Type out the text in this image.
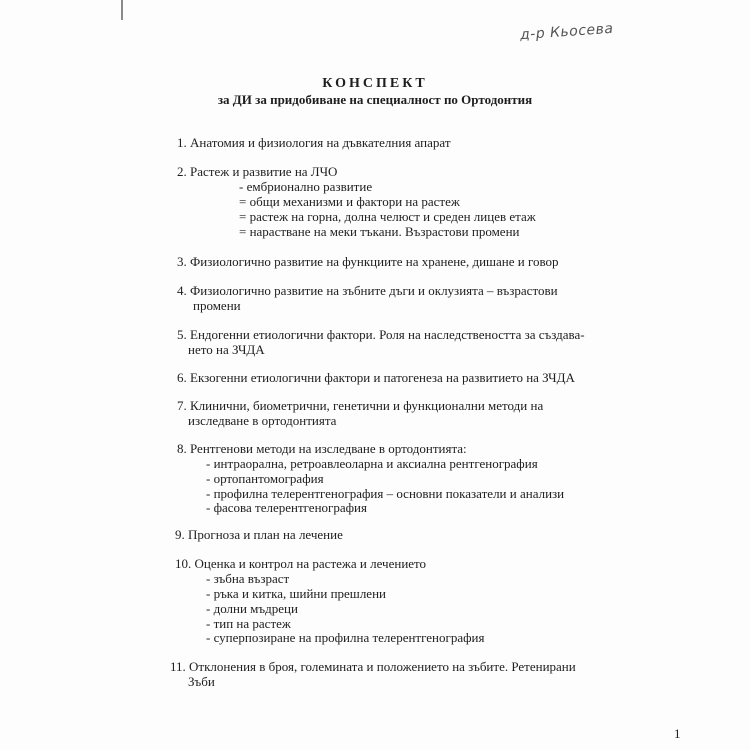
д-р Кьосева
КОНСПЕКТ
за ДИ за придобиване на специалност по Ортодонтия
1. Анатомия и физиология на дъвкателния апарат
2. Растеж и развитие на ЛЧО
- ембрионално развитие
= общи механизми и фактори на растеж
= растеж на горна, долна челюст и среден лицев етаж
= нарастване на меки тъкани. Възрастови промени
3. Физиологично развитие на функциите на хранене, дишане и говор
4. Физиологично развитие на зъбните дъги и оклузията – възрастови
промени
5. Ендогенни етиологични фактори. Роля на наследствеността за създава-
нето на ЗЧДА
6. Екзогенни етиологични фактори и патогенеза на развитието на ЗЧДА
7. Клинични, биометрични, генетични и функционални методи на
изследване в ортодонтията
8. Рентгенови методи на изследване в ортодонтията:
- интраорална, ретроавлеоларна и аксиална рентгенография
- ортопантомография
- профилна телерентгенография – основни показатели и анализи
- фасова телерентгенография
9. Прогноза и план на лечение
10. Оценка и контрол на растежа и лечението
- зъбна възраст
- ръка и китка, шийни прешлени
- долни мъдреци
- тип на растеж
- суперпозиране на профилна телерентгенография
11. Отклонения в броя, големината и положението на зъбите. Ретенирани
Зъби
1
